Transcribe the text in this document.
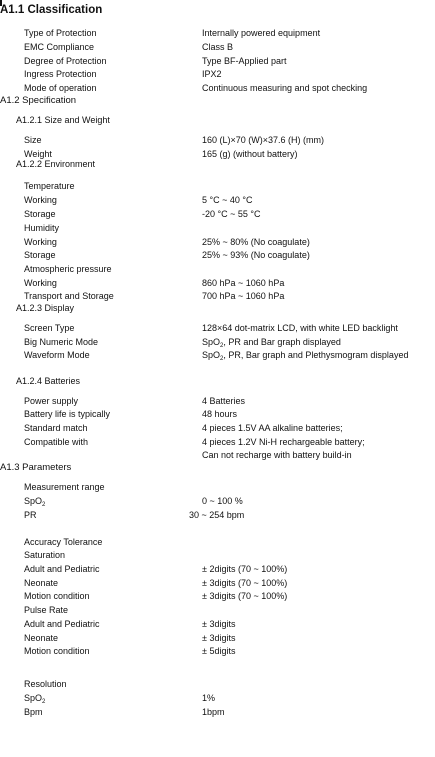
A1.1 Classification
Type of Protection	Internally powered equipment
EMC Compliance	Class B
Degree of Protection	Type BF-Applied part
Ingress Protection	IPX2
Mode of operation	Continuous measuring and spot checking
A1.2 Specification
A1.2.1 Size and Weight
Size	160 (L)×70 (W)×37.6 (H) (mm)
Weight	165 (g) (without battery)
A1.2.2 Environment
Temperature
Working	5 °C ~ 40 °C
Storage	-20 °C ~ 55 °C
Humidity
Working	25% ~ 80% (No coagulate)
Storage	25% ~ 93% (No coagulate)
Atmospheric pressure
Working	860 hPa ~ 1060 hPa
Transport and Storage	700 hPa ~ 1060 hPa
A1.2.3 Display
Screen Type	128×64 dot-matrix LCD, with white LED backlight
Big Numeric Mode	SpO$_2$, PR and Bar graph displayed
Waveform Mode	SpO$_2$, PR, Bar graph and Plethysmogram displayed
A1.2.4 Batteries
Power supply	4 Batteries
Battery life is typically	48 hours
Standard match	4 pieces 1.5V AA alkaline batteries;
Compatible with	4 pieces 1.2V Ni-H rechargeable battery;
Can not recharge with battery build-in
A1.3 Parameters
Measurement range
SpO$_2$	0 ~ 100 %
PR	30 ~ 254 bpm
Accuracy Tolerance
Saturation
Adult and Pediatric	± 2digits (70 ~ 100%)
Neonate	± 3digits (70 ~ 100%)
Motion condition	± 3digits (70 ~ 100%)
Pulse Rate
Adult and Pediatric	± 3digits
Neonate	± 3digits
Motion condition	± 5digits
Resolution
SpO$_2$	1%
Bpm	1bpm
